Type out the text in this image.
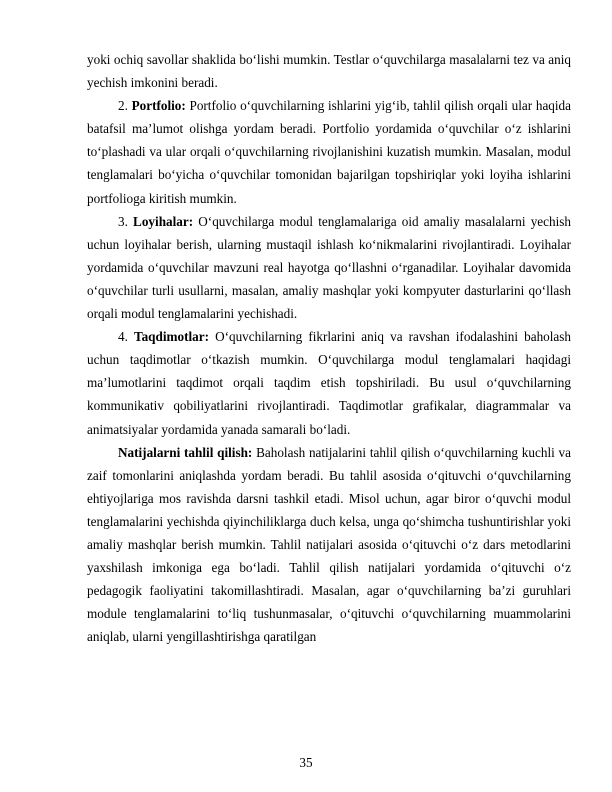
yoki ochiq savollar shaklida bo‘lishi mumkin. Testlar o‘quvchilarga masalalarni tez va aniq yechish imkonini beradi.

2. Portfolio: Portfolio o‘quvchilarning ishlarini yig‘ib, tahlil qilish orqali ular haqida batafsil ma’lumot olishga yordam beradi. Portfolio yordamida o‘quvchilar o‘z ishlarini to‘plashadi va ular orqali o‘quvchilarning rivojlanishini kuzatish mumkin. Masalan, modul tenglamalari bo‘yicha o‘quvchilar tomonidan bajarilgan topshiriqlar yoki loyiha ishlarini portfolioga kiritish mumkin.

3. Loyihalar: O‘quvchilarga modul tenglamalariga oid amaliy masalalarni yechish uchun loyihalar berish, ularning mustaqil ishlash ko‘nikmalarini rivojlantiradi. Loyihalar yordamida o‘quvchilar mavzuni real hayotga qo‘llashni o‘rganadilar. Loyihalar davomida o‘quvchilar turli usullarni, masalan, amaliy mashqlar yoki kompyuter dasturlarini qo‘llash orqali modul tenglamalarini yechishadi.

4. Taqdimotlar: O‘quvchilarning fikrlarini aniq va ravshan ifodalashini baholash uchun taqdimotlar o‘tkazish mumkin. O‘quvchilarga modul tenglamalari haqidagi ma’lumotlarini taqdimot orqali taqdim etish topshiriladi. Bu usul o‘quvchilarning kommunikativ qobiliyatlarini rivojlantiradi. Taqdimotlar grafikalar, diagrammalar va animatsiyalar yordamida yanada samarali bo‘ladi.

Natijalarni tahlil qilish: Baholash natijalarini tahlil qilish o‘quvchilarning kuchli va zaif tomonlarini aniqlashda yordam beradi. Bu tahlil asosida o‘qituvchi o‘quvchilarning ehtiyojlariga mos ravishda darsni tashkil etadi. Misol uchun, agar biror o‘quvchi modul tenglamalarini yechishda qiyinchiliklarga duch kelsa, unga qo‘shimcha tushuntirishlar yoki amaliy mashqlar berish mumkin. Tahlil natijalari asosida o‘qituvchi o‘z dars metodlarini yaxshilash imkoniga ega bo‘ladi. Tahlil qilish natijalari yordamida o‘qituvchi o‘z pedagogik faoliyatini takomillashtiradi. Masalan, agar o‘quvchilarning ba’zi guruhlari module tenglamalarini to‘liq tushunmasalar, o‘qituvchi o‘quvchilarning muammolarini aniqlab, ularni yengillashtirishga qaratilgan

35
